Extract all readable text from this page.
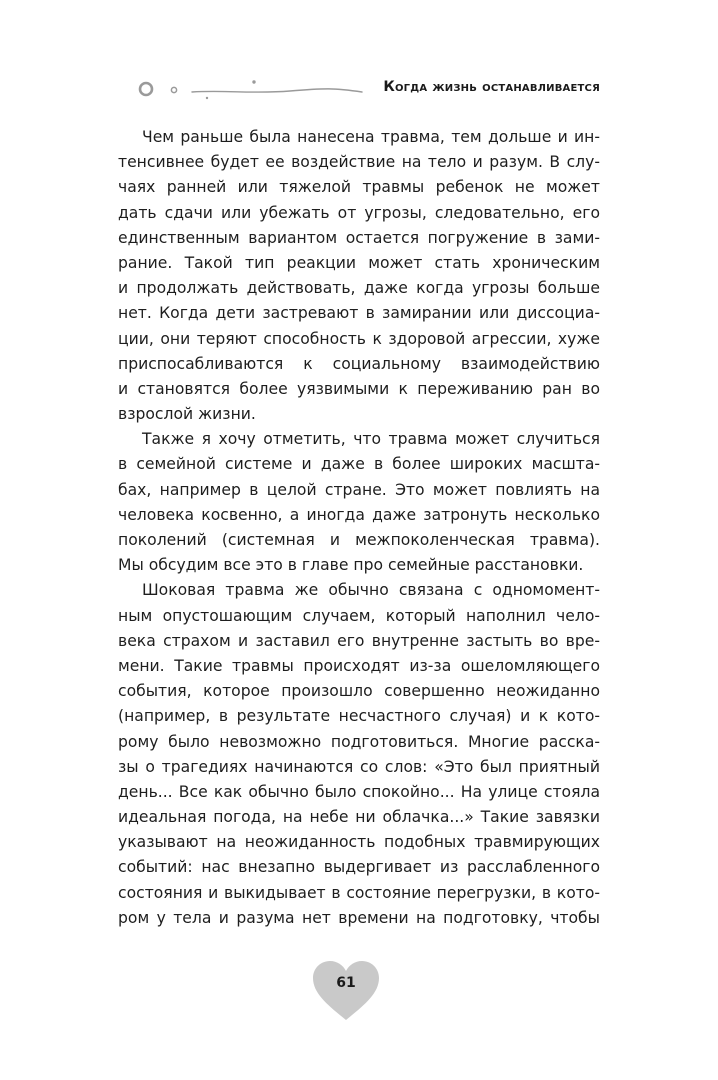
Когда жизнь останавливается
Чем раньше была нанесена травма, тем дольше и ин-
тенсивнее будет ее воздействие на тело и разум. В слу-
чаях ранней или тяжелой травмы ребенок не может
дать сдачи или убежать от угрозы, следовательно, его
единственным вариантом остается погружение в зами-
рание. Такой тип реакции может стать хроническим
и продолжать действовать, даже когда угрозы больше
нет. Когда дети застревают в замирании или диссоциа-
ции, они теряют способность к здоровой агрессии, хуже
приспосабливаются к социальному взаимодействию
и становятся более уязвимыми к переживанию ран во
взрослой жизни.
Также я хочу отметить, что травма может случиться
в семейной системе и даже в более широких масшта-
бах, например в целой стране. Это может повлиять на
человека косвенно, а иногда даже затронуть несколько
поколений (системная и межпоколенческая травма).
Мы обсудим все это в главе про семейные расстановки.
Шоковая травма же обычно связана с одномомент-
ным опустошающим случаем, который наполнил чело-
века страхом и заставил его внутренне застыть во вре-
мени. Такие травмы происходят из-за ошеломляющего
события, которое произошло совершенно неожиданно
(например, в результате несчастного случая) и к кото-
рому было невозможно подготовиться. Многие расска-
зы о трагедиях начинаются со слов: «Это был приятный
день... Все как обычно было спокойно... На улице стояла
идеальная погода, на небе ни облачка...» Такие завязки
указывают на неожиданность подобных травмирующих
событий: нас внезапно выдергивает из расслабленного
состояния и выкидывает в состояние перегрузки, в кото-
ром у тела и разума нет времени на подготовку, чтобы
61
